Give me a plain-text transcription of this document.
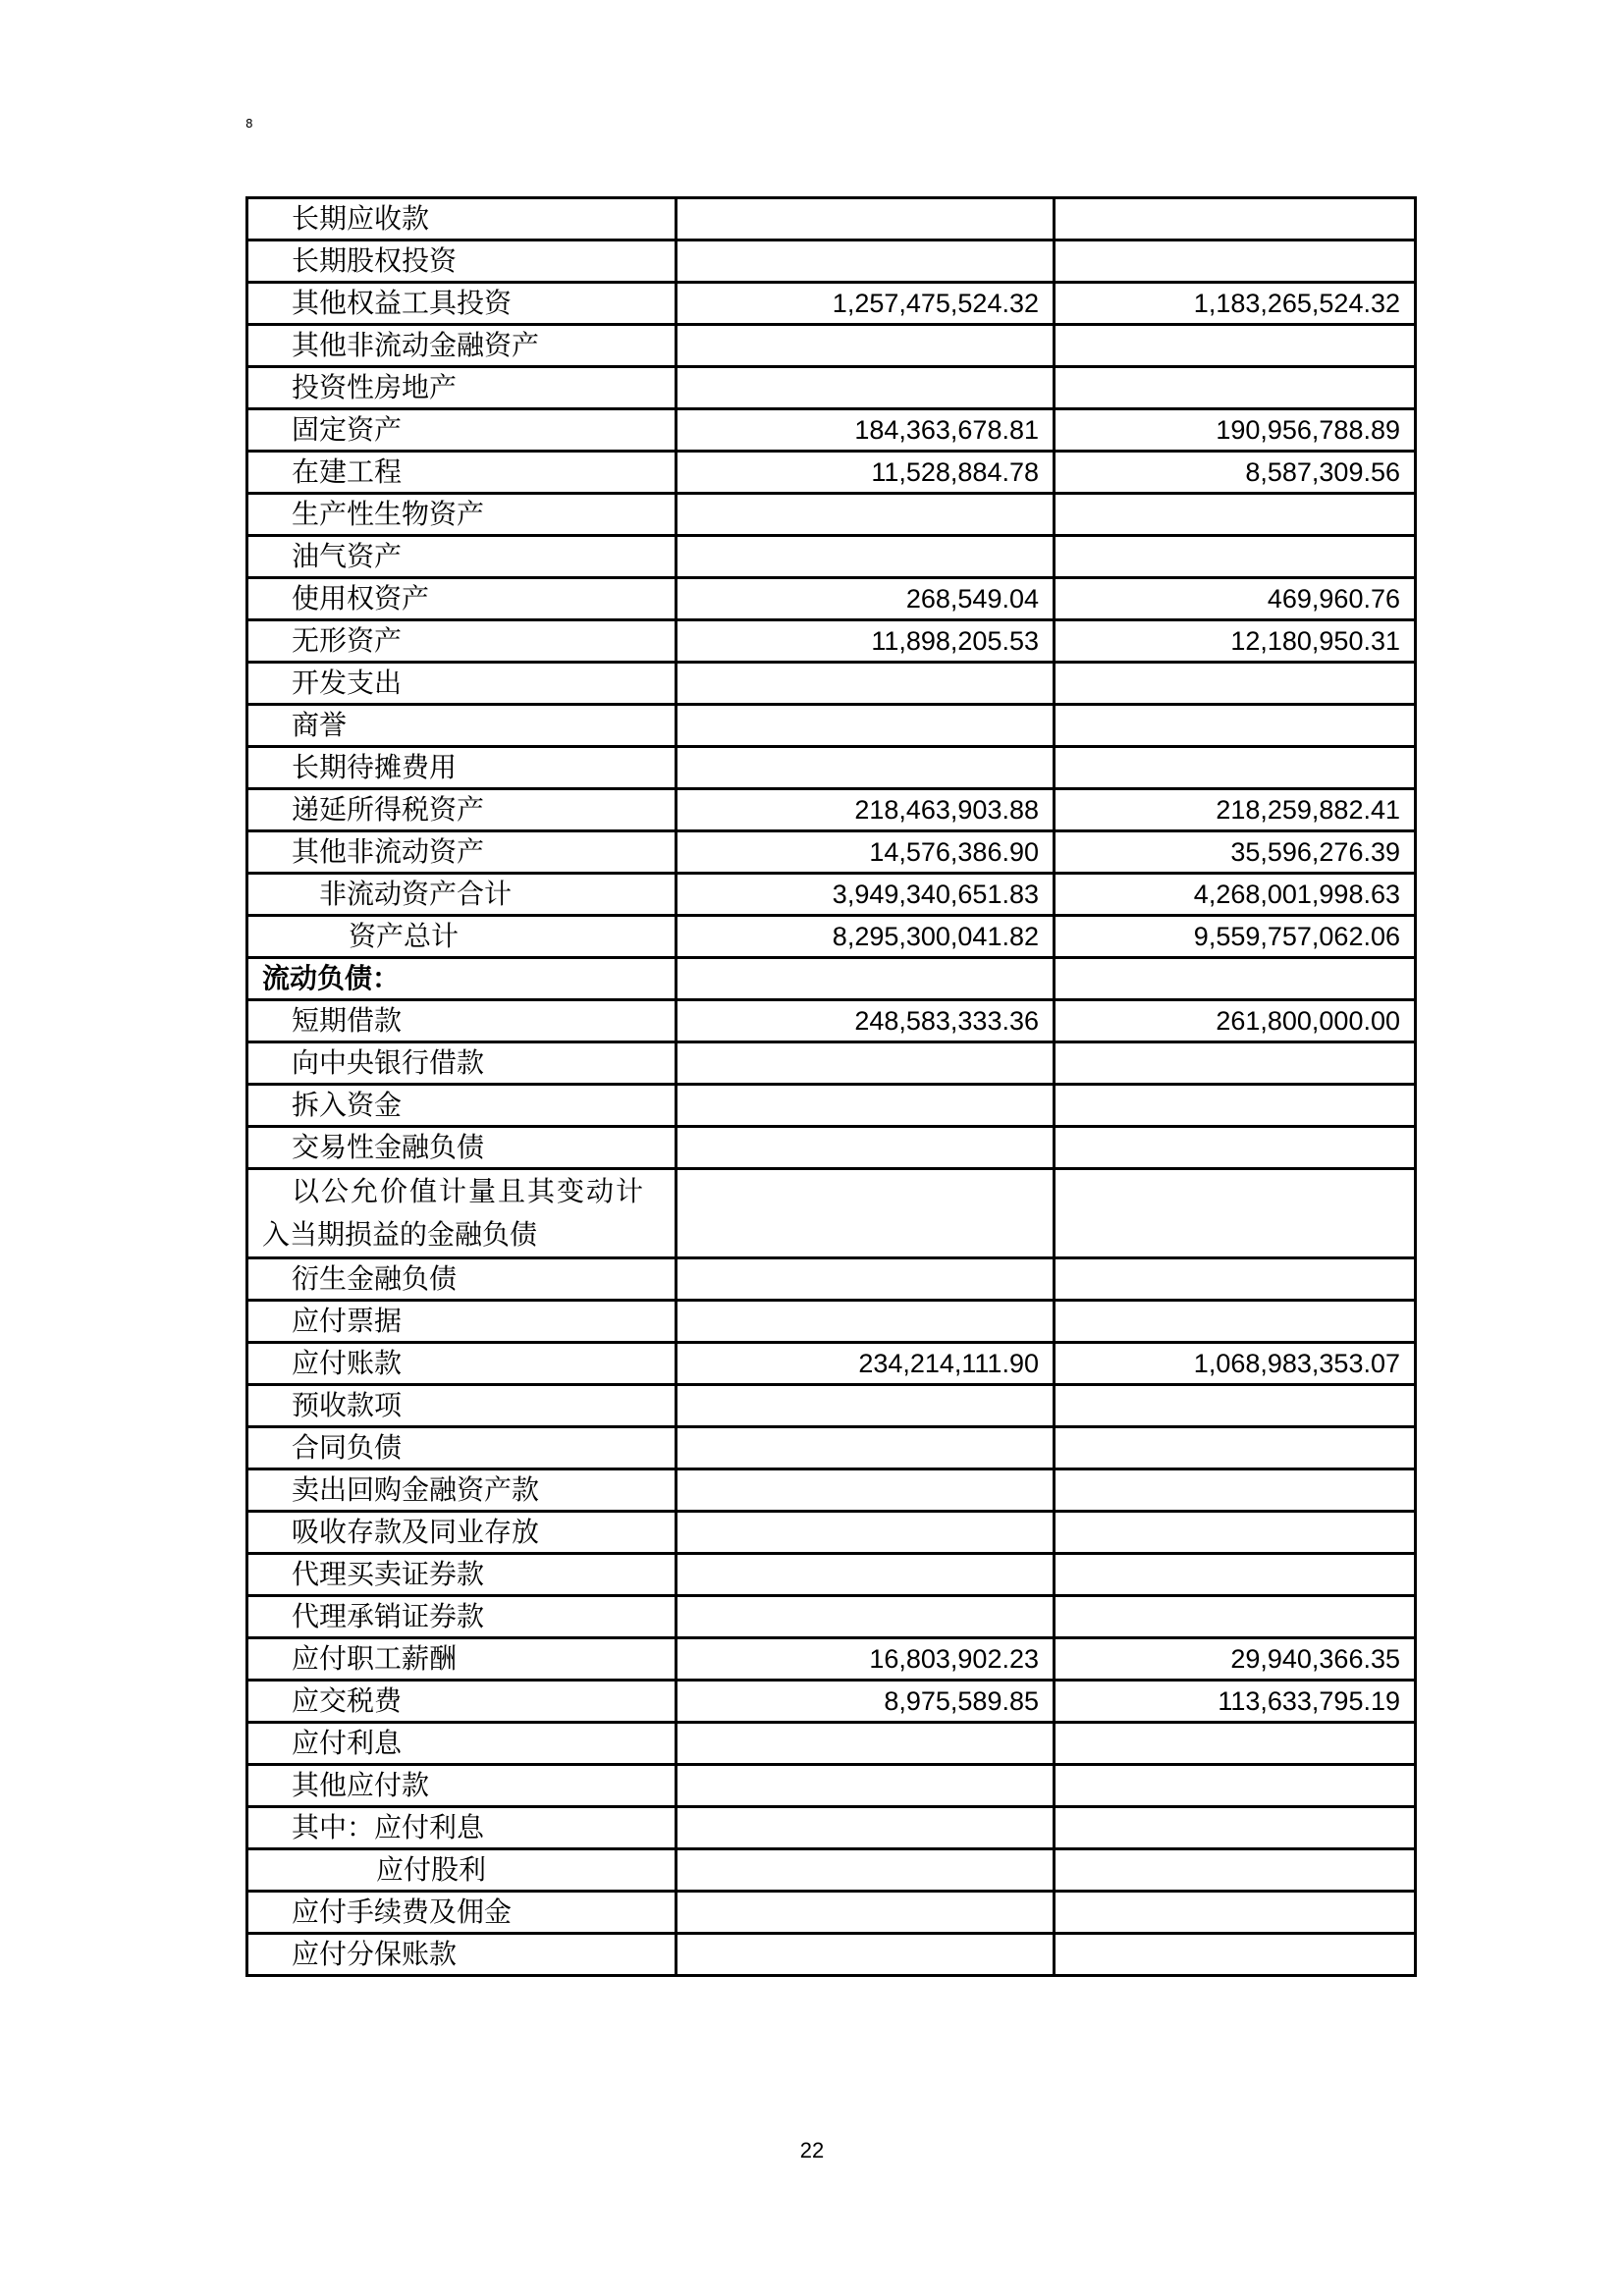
8
长期应收款		
长期股权投资		
其他权益工具投资	1,257,475,524.32	1,183,265,524.32
其他非流动金融资产		
投资性房地产		
固定资产	184,363,678.81	190,956,788.89
在建工程	11,528,884.78	8,587,309.56
生产性生物资产		
油气资产		
使用权资产	268,549.04	469,960.76
无形资产	11,898,205.53	12,180,950.31
开发支出		
商誉		
长期待摊费用		
递延所得税资产	218,463,903.88	218,259,882.41
其他非流动资产	14,576,386.90	35,596,276.39
非流动资产合计	3,949,340,651.83	4,268,001,998.63
资产总计	8,295,300,041.82	9,559,757,062.06
流动负债：		
短期借款	248,583,333.36	261,800,000.00
向中央银行借款		
拆入资金		
交易性金融负债		

以公允价值计量且其变动计
入当期损益的金融负债		

衍生金融负债		
应付票据		
应付账款	234,214,111.90	1,068,983,353.07
预收款项		
合同负债		
卖出回购金融资产款		
吸收存款及同业存放		
代理买卖证券款		
代理承销证券款		
应付职工薪酬	16,803,902.23	29,940,366.35
应交税费	8,975,589.85	113,633,795.19
应付利息		
其他应付款		
其中：应付利息		
应付股利		
应付手续费及佣金		
应付分保账款		
22
